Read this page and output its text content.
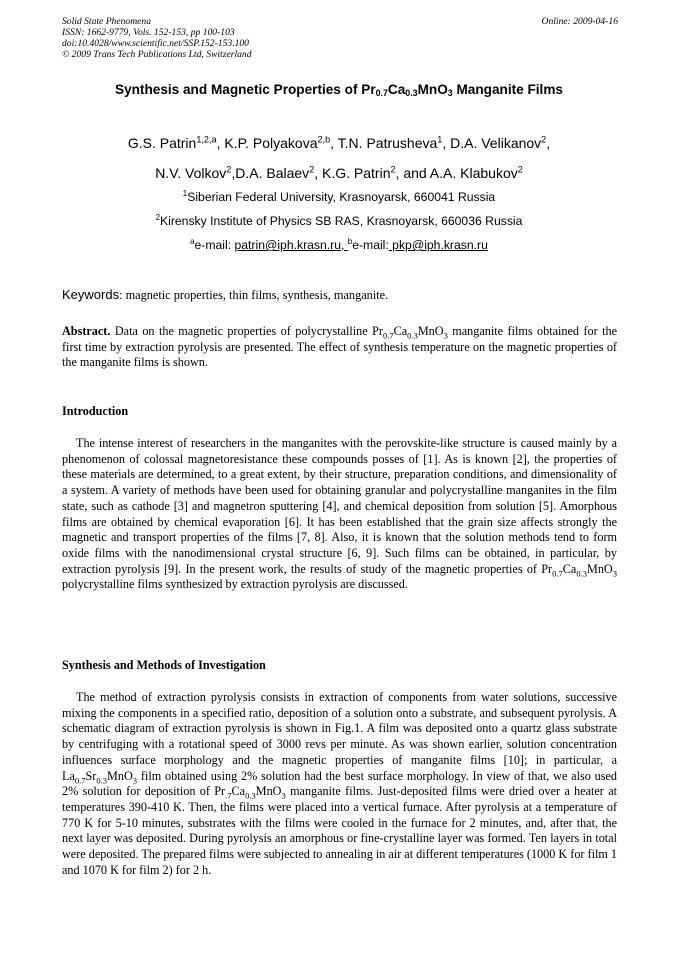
Solid State Phenomena	Online: 2009-04-16
ISSN: 1662-9779, Vols. 152-153, pp 100-103
doi:10.4028/www.scientific.net/SSP.152-153.100
© 2009 Trans Tech Publications Ltd, Switzerland
Synthesis and Magnetic Properties of $Pr_{0.7}Ca_{0.3}MnO_3$ Manganite Films
G.S. Patrin$^{1,2,a}$, K.P. Polyakova$^{2,b}$, T.N. Patrusheva$^1$, D.A. Velikanov$^2$,
N.V. Volkov$^2$,D.A. Balaev$^2$, K.G. Patrin$^2$, and A.A. Klabukov$^2$
$^1$Siberian Federal University, Krasnoyarsk, 660041 Russia
$^2$Kirensky Institute of Physics SB RAS, Krasnoyarsk, 660036 Russia
$^a$e-mail: patrin@iph.krasn.ru, $^b$e-mail: pkp@iph.krasn.ru
Keywords: magnetic properties, thin films, synthesis, manganite.

Abstract. Data on the magnetic properties of polycrystalline $Pr_{0.7}Ca_{0.3}MnO_3$ manganite films obtained for the first time by extraction pyrolysis are presented. The effect of synthesis temperature on the magnetic properties of the manganite films is shown.

Introduction

The intense interest of researchers in the manganites with the perovskite-like structure is caused mainly by a phenomenon of colossal magnetoresistance these compounds posses of [1]. As is known [2], the properties of these materials are determined, to a great extent, by their structure, preparation conditions, and dimensionality of a system. A variety of methods have been used for obtaining granular and polycrystalline manganites in the film state, such as cathode [3] and magnetron sputtering [4], and chemical deposition from solution [5]. Amorphous films are obtained by chemical evaporation [6]. It has been established that the grain size affects strongly the magnetic and transport properties of the films [7, 8]. Also, it is known that the solution methods tend to form oxide films with the nanodimensional crystal structure [6, 9]. Such films can be obtained, in particular, by extraction pyrolysis [9]. In the present work, the results of study of the magnetic properties of $Pr_{0.7}Ca_{0.3}MnO_3$ polycrystalline films synthesized by extraction pyrolysis are discussed.

Synthesis and Methods of Investigation

The method of extraction pyrolysis consists in extraction of components from water solutions, successive mixing the components in a specified ratio, deposition of a solution onto a substrate, and subsequent pyrolysis. A schematic diagram of extraction pyrolysis is shown in Fig.1. A film was deposited onto a quartz glass substrate by centrifuging with a rotational speed of 3000 revs per minute. As was shown earlier, solution concentration influences surface morphology and the magnetic properties of manganite films [10]; in particular, a $La_{0.7}Sr_{0.3}MnO_3$ film obtained using 2% solution had the best surface morphology. In view of that, we also used 2% solution for deposition of $Pr_{.7}Ca_{0.3}MnO_3$ manganite films. Just-deposited films were dried over a heater at temperatures 390-410 K. Then, the films were placed into a vertical furnace. After pyrolysis at a temperature of 770 K for 5-10 minutes, substrates with the films were cooled in the furnace for 2 minutes, and, after that, the next layer was deposited. During pyrolysis an amorphous or fine-crystalline layer was formed. Ten layers in total were deposited. The prepared films were subjected to annealing in air at different temperatures (1000 K for film 1 and 1070 K for film 2) for 2 h.
